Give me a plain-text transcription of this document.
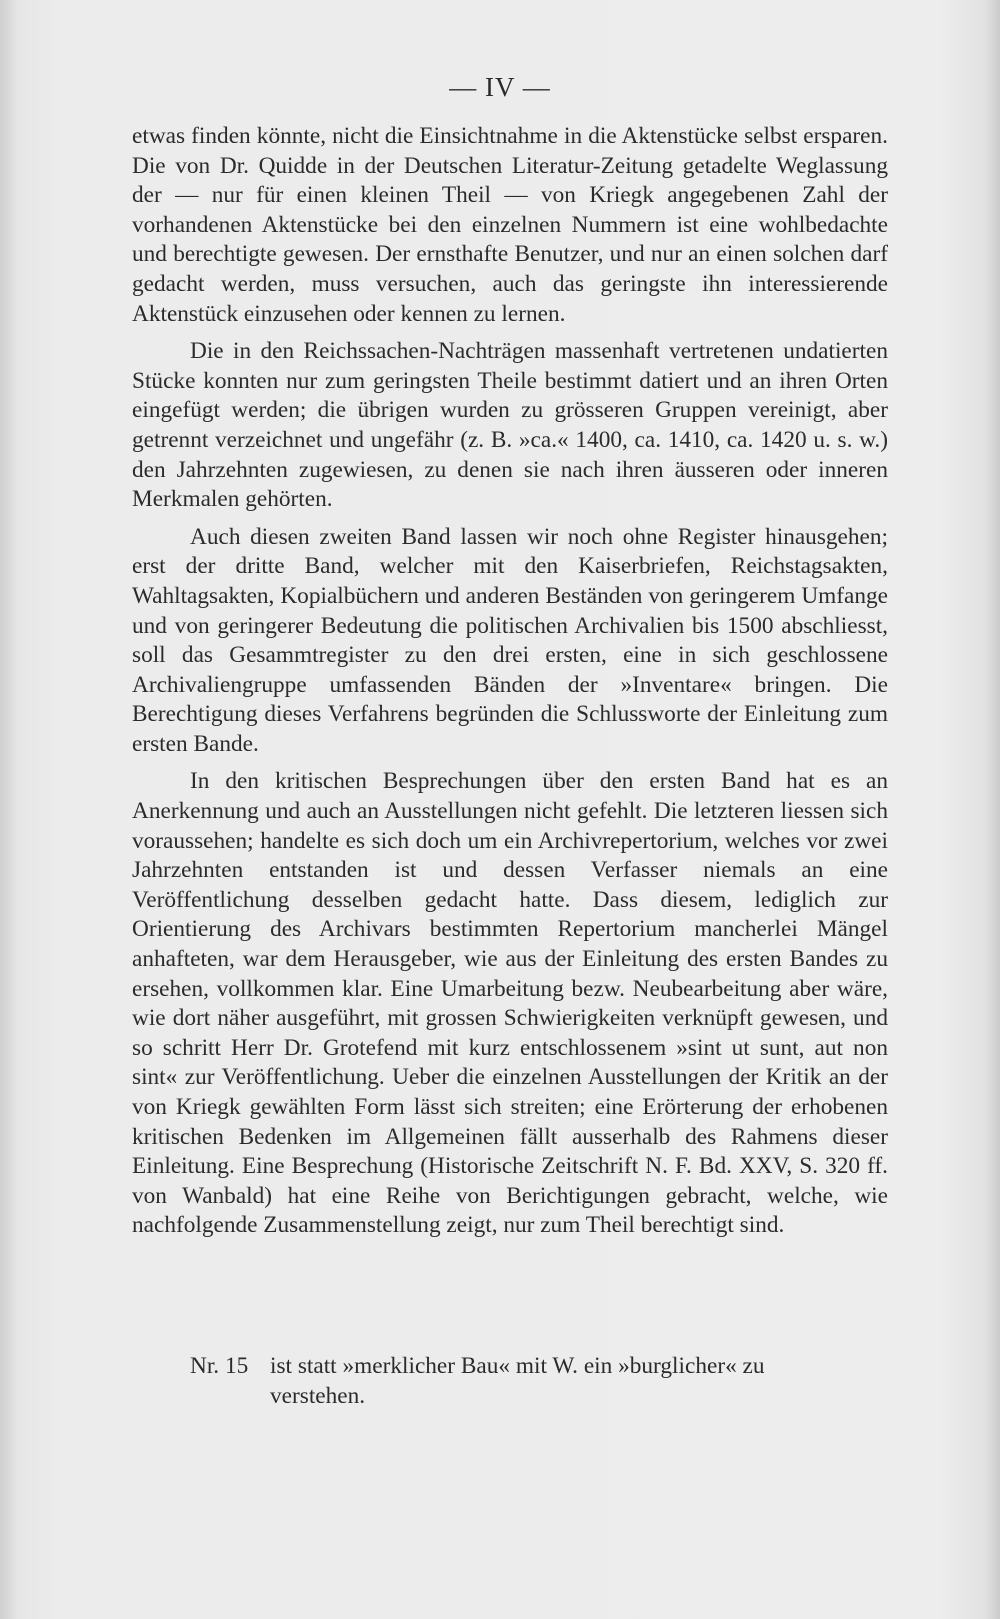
— IV —

etwas finden könnte, nicht die Einsichtnahme in die Aktenstücke selbst ersparen. Die von Dr. Quidde in der Deutschen Literatur-Zeitung getadelte Weglassung der — nur für einen kleinen Theil — von Kriegk angegebenen Zahl der vorhandenen Aktenstücke bei den einzelnen Nummern ist eine wohlbedachte und berechtigte gewesen. Der ernsthafte Benutzer, und nur an einen solchen darf gedacht werden, muss versuchen, auch das geringste ihn interessierende Aktenstück einzusehen oder kennen zu lernen.

Die in den Reichssachen-Nachträgen massenhaft vertretenen undatierten Stücke konnten nur zum geringsten Theile bestimmt datiert und an ihren Orten eingefügt werden; die übrigen wurden zu grösseren Gruppen vereinigt, aber getrennt verzeichnet und ungefähr (z. B. »ca.« 1400, ca. 1410, ca. 1420 u. s. w.) den Jahrzehnten zugewiesen, zu denen sie nach ihren äusseren oder inneren Merkmalen gehörten.

Auch diesen zweiten Band lassen wir noch ohne Register hinausgehen; erst der dritte Band, welcher mit den Kaiserbriefen, Reichstagsakten, Wahltagsakten, Kopialbüchern und anderen Beständen von geringerem Umfange und von geringerer Bedeutung die politischen Archivalien bis 1500 abschliesst, soll das Gesammtregister zu den drei ersten, eine in sich geschlossene Archivaliengruppe umfassenden Bänden der »Inventare« bringen. Die Berechtigung dieses Verfahrens begründen die Schlussworte der Einleitung zum ersten Bande.

In den kritischen Besprechungen über den ersten Band hat es an Anerkennung und auch an Ausstellungen nicht gefehlt. Die letzteren liessen sich voraussehen; handelte es sich doch um ein Archivrepertorium, welches vor zwei Jahrzehnten entstanden ist und dessen Verfasser niemals an eine Veröffentlichung desselben gedacht hatte. Dass diesem, lediglich zur Orientierung des Archivars bestimmten Repertorium mancherlei Mängel anhafteten, war dem Herausgeber, wie aus der Einleitung des ersten Bandes zu ersehen, vollkommen klar. Eine Umarbeitung bezw. Neubearbeitung aber wäre, wie dort näher ausgeführt, mit grossen Schwierigkeiten verknüpft gewesen, und so schritt Herr Dr. Grotefend mit kurz entschlossenem »sint ut sunt, aut non sint« zur Veröffentlichung. Ueber die einzelnen Ausstellungen der Kritik an der von Kriegk gewählten Form lässt sich streiten; eine Erörterung der erhobenen kritischen Bedenken im Allgemeinen fällt ausserhalb des Rahmens dieser Einleitung. Eine Besprechung (Historische Zeitschrift N. F. Bd. XXV, S. 320 ff. von Wanbald) hat eine Reihe von Berichtigungen gebracht, welche, wie nachfolgende Zusammenstellung zeigt, nur zum Theil berechtigt sind.

Nr. 15 ist statt »merklicher Bau« mit W. ein »burglicher« zu
verstehen.
